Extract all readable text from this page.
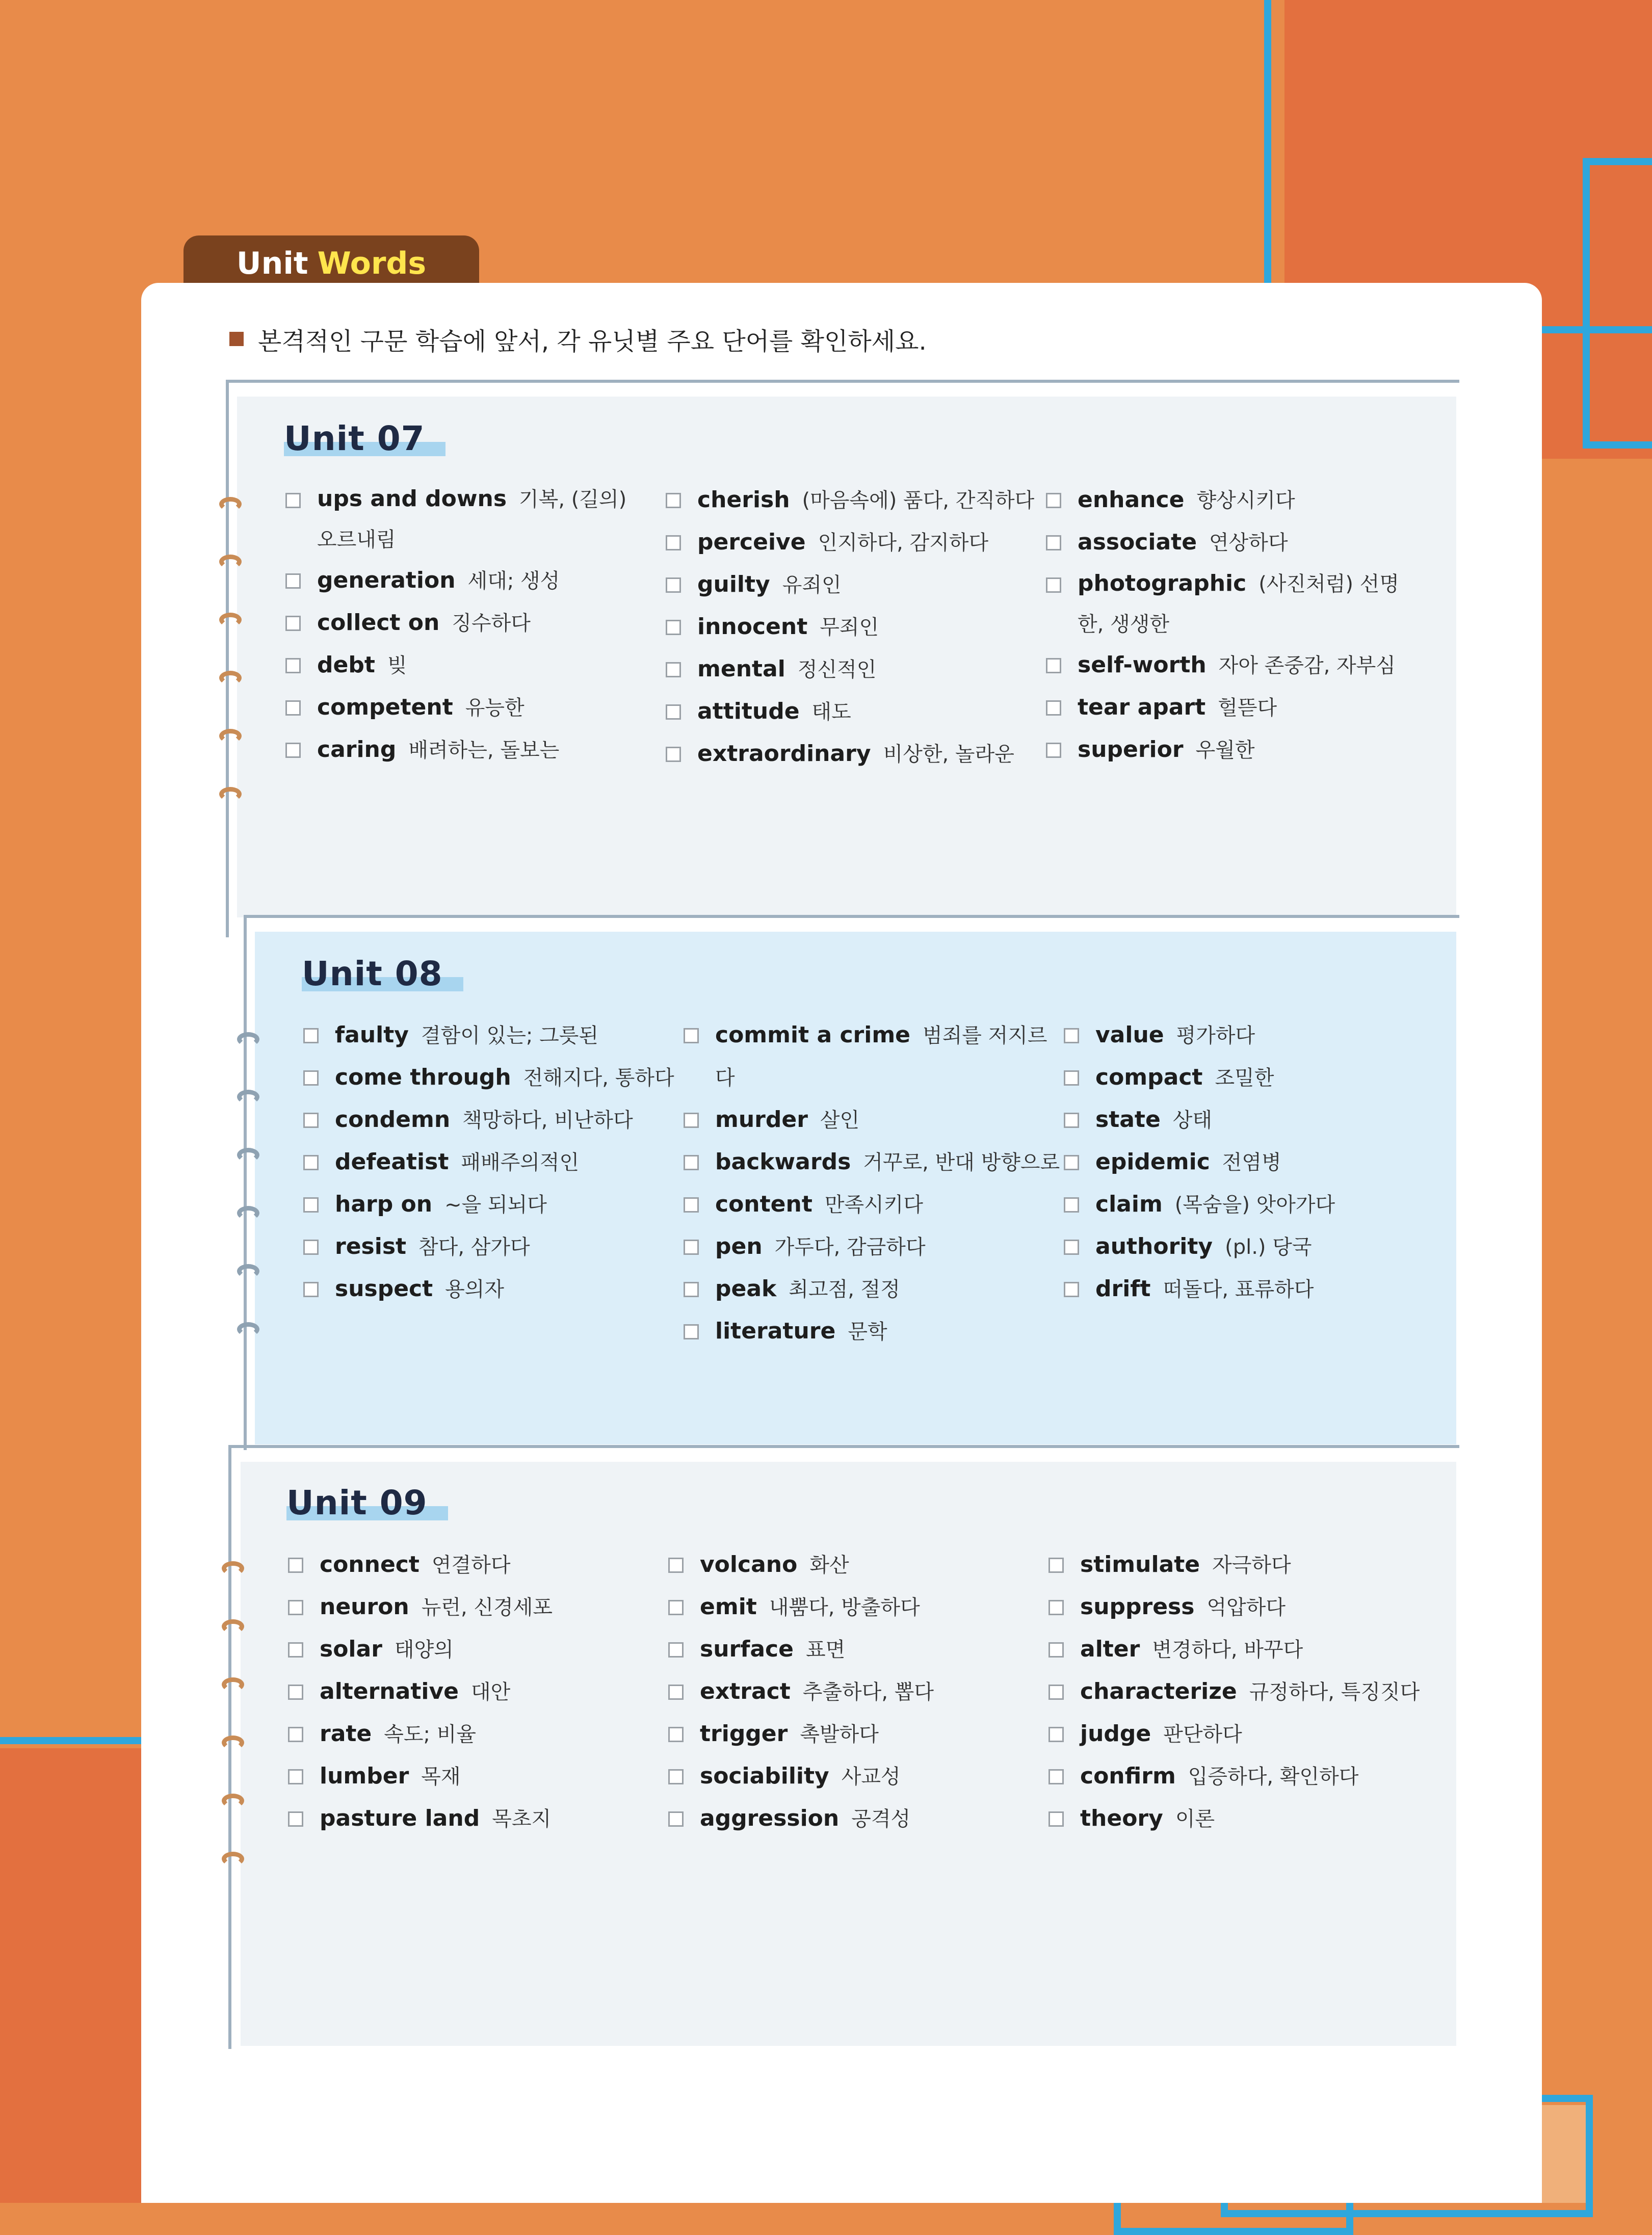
Unit Words
본격적인 구문 학습에 앞서, 각 유닛별 주요 단어를 확인하세요.
Unit 07
ups and downs 기복, (길의) 오르내림
generation 세대; 생성
collect on 징수하다
debt 빚
competent 유능한
caring 배려하는, 돌보는
cherish (마음속에) 품다, 간직하다
perceive 인지하다, 감지하다
guilty 유죄인
innocent 무죄인
mental 정신적인
attitude 태도
extraordinary 비상한, 놀라운
enhance 향상시키다
associate 연상하다
photographic (사진처럼) 선명한, 생생한
self-worth 자아 존중감, 자부심
tear apart 헐뜯다
superior 우월한
Unit 08
faulty 결함이 있는; 그릇된
come through 전해지다, 통하다
condemn 책망하다, 비난하다
defeatist 패배주의적인
harp on ~을 되뇌다
resist 참다, 삼가다
suspect 용의자
commit a crime 범죄를 저지르다
murder 살인
backwards 거꾸로, 반대 방향으로
content 만족시키다
pen 가두다, 감금하다
peak 최고점, 절정
literature 문학
value 평가하다
compact 조밀한
state 상태
epidemic 전염병
claim (목숨을) 앗아가다
authority (pl.) 당국
drift 떠돌다, 표류하다
Unit 09
connect 연결하다
neuron 뉴런, 신경세포
solar 태양의
alternative 대안
rate 속도; 비율
lumber 목재
pasture land 목초지
volcano 화산
emit 내뿜다, 방출하다
surface 표면
extract 추출하다, 뽑다
trigger 촉발하다
sociability 사교성
aggression 공격성
stimulate 자극하다
suppress 억압하다
alter 변경하다, 바꾸다
characterize 규정하다, 특징짓다
judge 판단하다
confirm 입증하다, 확인하다
theory 이론
